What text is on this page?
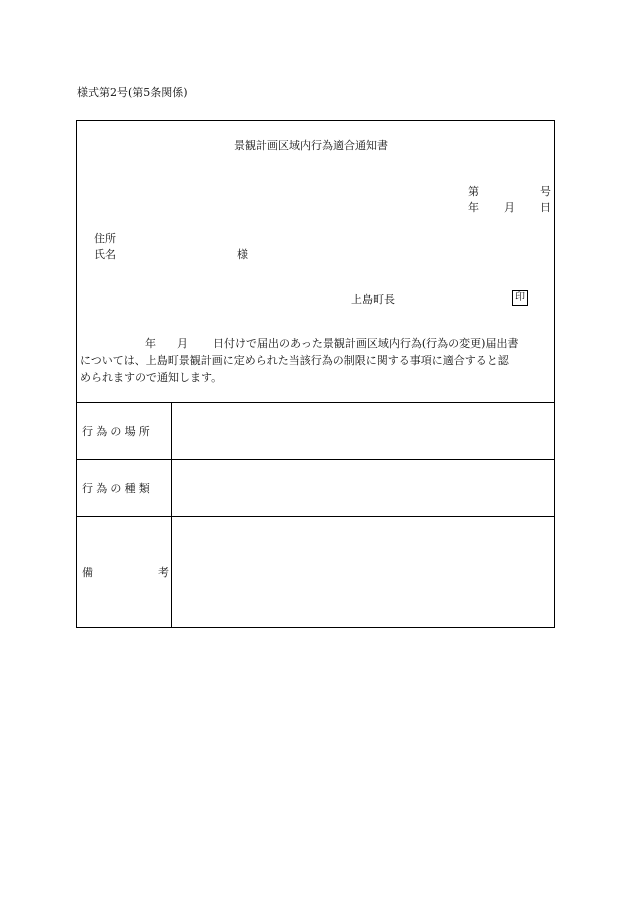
様式第2号(第5条関係)
景観計画区域内行為適合通知書
第	号
年 月 日
住所
氏名	様
上島町長	印
年 月 日付けで届出のあった景観計画区域内行為(行為の変更)届出書
については、上島町景観計画に定められた当該行為の制限に関する事項に適合すると認
められますので通知します。
行為の場所
行為の種類
備	考
